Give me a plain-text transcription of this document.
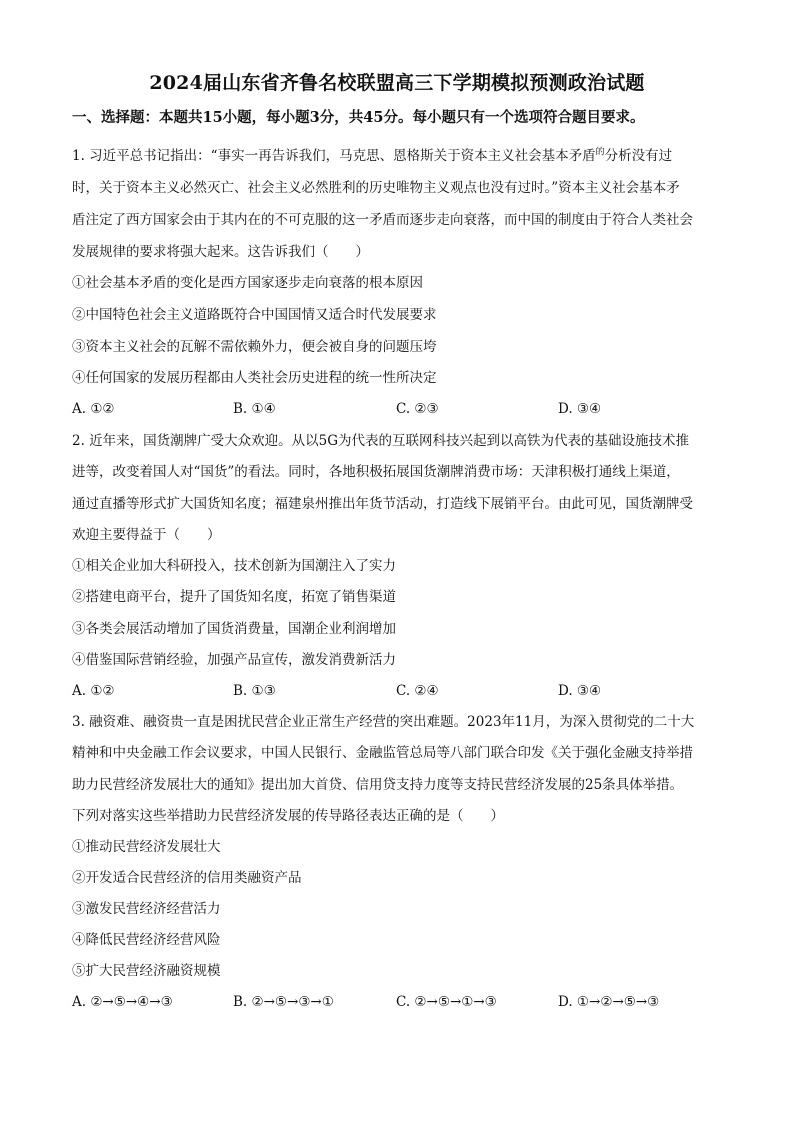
2024届山东省齐鲁名校联盟高三下学期模拟预测政治试题
一、选择题：本题共15小题，每小题3分，共45分。每小题只有一个选项符合题目要求。
1. 习近平总书记指出：“事实一再告诉我们，马克思、恩格斯关于资本主义社会基本矛盾$^的$分析没有过
时，关于资本主义必然灭亡、社会主义必然胜利的历史唯物主义观点也没有过时。”资本主义社会基本矛
盾注定了西方国家会由于其内在的不可克服的这一矛盾而逐步走向衰落，而中国的制度由于符合人类社会
发展规律的要求将强大起来。这告诉我们（　　）
①社会基本矛盾的变化是西方国家逐步走向衰落的根本原因
②中国特色社会主义道路既符合中国国情又适合时代发展要求
③资本主义社会的瓦解不需依赖外力，便会被自身的问题压垮
④任何国家的发展历程都由人类社会历史进程的统一性所决定
A. ①②	B. ①④	C. ②③	D. ③④
2. 近年来，国货潮牌广受大众欢迎。从以5G为代表的互联网科技兴起到以高铁为代表的基础设施技术推
进等，改变着国人对“国货”的看法。同时，各地积极拓展国货潮牌消费市场：天津积极打通线上渠道，
通过直播等形式扩大国货知名度；福建泉州推出年货节活动，打造线下展销平台。由此可见，国货潮牌受
欢迎主要得益于（　　）
①相关企业加大科研投入，技术创新为国潮注入了实力
②搭建电商平台，提升了国货知名度，拓宽了销售渠道
③各类会展活动增加了国货消费量，国潮企业利润增加
④借鉴国际营销经验，加强产品宣传，激发消费新活力
A. ①②	B. ①③	C. ②④	D. ③④
3. 融资难、融资贵一直是困扰民营企业正常生产经营的突出难题。2023年11月，为深入贯彻党的二十大
精神和中央金融工作会议要求，中国人民银行、金融监管总局等八部门联合印发《关于强化金融支持举措
助力民营经济发展壮大的通知》提出加大首贷、信用贷支持力度等支持民营经济发展的25条具体举措。
下列对落实这些举措助力民营经济发展的传导路径表达正确的是（　　）
①推动民营经济发展壮大
②开发适合民营经济的信用类融资产品
③激发民营经济经营活力
④降低民营经济经营风险
⑤扩大民营经济融资规模
A. ②→⑤→④→③	B. ②→⑤→③→①	C. ②→⑤→①→③	D. ①→②→⑤→③
